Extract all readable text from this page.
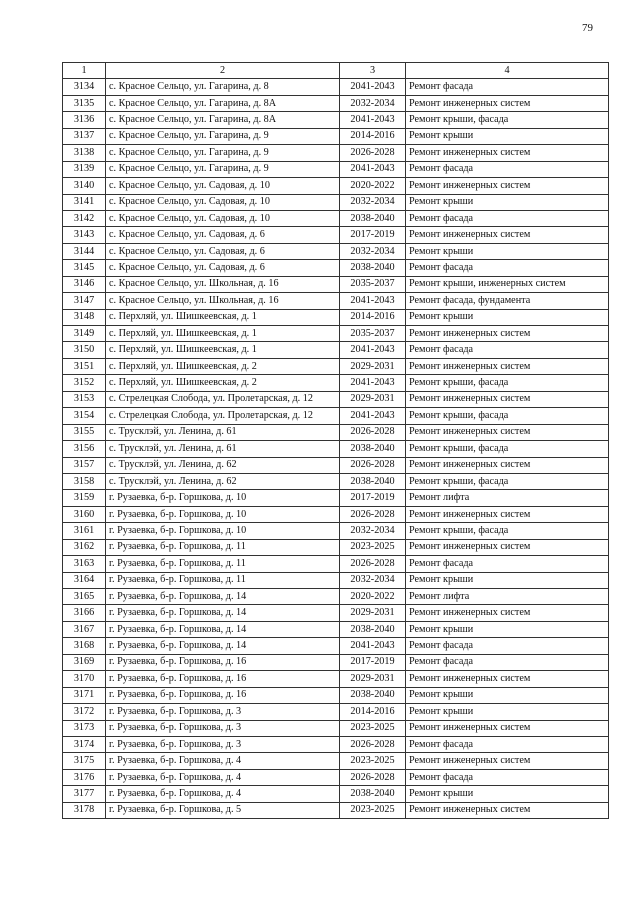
79
1	2	3	4
3134	с. Красное Сельцо, ул. Гагарина, д. 8	2041-2043	Ремонт фасада
3135	с. Красное Сельцо, ул. Гагарина, д. 8А	2032-2034	Ремонт инженерных систем
3136	с. Красное Сельцо, ул. Гагарина, д. 8А	2041-2043	Ремонт крыши, фасада
3137	с. Красное Сельцо, ул. Гагарина, д. 9	2014-2016	Ремонт крыши
3138	с. Красное Сельцо, ул. Гагарина, д. 9	2026-2028	Ремонт инженерных систем
3139	с. Красное Сельцо, ул. Гагарина, д. 9	2041-2043	Ремонт фасада
3140	с. Красное Сельцо, ул. Садовая, д. 10	2020-2022	Ремонт инженерных систем
3141	с. Красное Сельцо, ул. Садовая, д. 10	2032-2034	Ремонт крыши
3142	с. Красное Сельцо, ул. Садовая, д. 10	2038-2040	Ремонт фасада
3143	с. Красное Сельцо, ул. Садовая, д. 6	2017-2019	Ремонт инженерных систем
3144	с. Красное Сельцо, ул. Садовая, д. 6	2032-2034	Ремонт крыши
3145	с. Красное Сельцо, ул. Садовая, д. 6	2038-2040	Ремонт фасада
3146	с. Красное Сельцо, ул. Школьная, д. 16	2035-2037	Ремонт крыши, инженерных систем
3147	с. Красное Сельцо, ул. Школьная, д. 16	2041-2043	Ремонт фасада, фундамента
3148	с. Перхляй, ул. Шишкеевская, д. 1	2014-2016	Ремонт крыши
3149	с. Перхляй, ул. Шишкеевская, д. 1	2035-2037	Ремонт инженерных систем
3150	с. Перхляй, ул. Шишкеевская, д. 1	2041-2043	Ремонт фасада
3151	с. Перхляй, ул. Шишкеевская, д. 2	2029-2031	Ремонт инженерных систем
3152	с. Перхляй, ул. Шишкеевская, д. 2	2041-2043	Ремонт крыши, фасада
3153	с. Стрелецкая Слобода, ул. Пролетарская, д. 12	2029-2031	Ремонт инженерных систем
3154	с. Стрелецкая Слобода, ул. Пролетарская, д. 12	2041-2043	Ремонт крыши, фасада
3155	с. Трусклэй, ул. Ленина, д. 61	2026-2028	Ремонт инженерных систем
3156	с. Трусклэй, ул. Ленина, д. 61	2038-2040	Ремонт крыши, фасада
3157	с. Трусклэй, ул. Ленина, д. 62	2026-2028	Ремонт инженерных систем
3158	с. Трусклэй, ул. Ленина, д. 62	2038-2040	Ремонт крыши, фасада
3159	г. Рузаевка, б-р. Горшкова, д. 10	2017-2019	Ремонт лифта
3160	г. Рузаевка, б-р. Горшкова, д. 10	2026-2028	Ремонт инженерных систем
3161	г. Рузаевка, б-р. Горшкова, д. 10	2032-2034	Ремонт крыши, фасада
3162	г. Рузаевка, б-р. Горшкова, д. 11	2023-2025	Ремонт инженерных систем
3163	г. Рузаевка, б-р. Горшкова, д. 11	2026-2028	Ремонт фасада
3164	г. Рузаевка, б-р. Горшкова, д. 11	2032-2034	Ремонт крыши
3165	г. Рузаевка, б-р. Горшкова, д. 14	2020-2022	Ремонт лифта
3166	г. Рузаевка, б-р. Горшкова, д. 14	2029-2031	Ремонт инженерных систем
3167	г. Рузаевка, б-р. Горшкова, д. 14	2038-2040	Ремонт крыши
3168	г. Рузаевка, б-р. Горшкова, д. 14	2041-2043	Ремонт фасада
3169	г. Рузаевка, б-р. Горшкова, д. 16	2017-2019	Ремонт фасада
3170	г. Рузаевка, б-р. Горшкова, д. 16	2029-2031	Ремонт инженерных систем
3171	г. Рузаевка, б-р. Горшкова, д. 16	2038-2040	Ремонт крыши
3172	г. Рузаевка, б-р. Горшкова, д. 3	2014-2016	Ремонт крыши
3173	г. Рузаевка, б-р. Горшкова, д. 3	2023-2025	Ремонт инженерных систем
3174	г. Рузаевка, б-р. Горшкова, д. 3	2026-2028	Ремонт фасада
3175	г. Рузаевка, б-р. Горшкова, д. 4	2023-2025	Ремонт инженерных систем
3176	г. Рузаевка, б-р. Горшкова, д. 4	2026-2028	Ремонт фасада
3177	г. Рузаевка, б-р. Горшкова, д. 4	2038-2040	Ремонт крыши
3178	г. Рузаевка, б-р. Горшкова, д. 5	2023-2025	Ремонт инженерных систем
